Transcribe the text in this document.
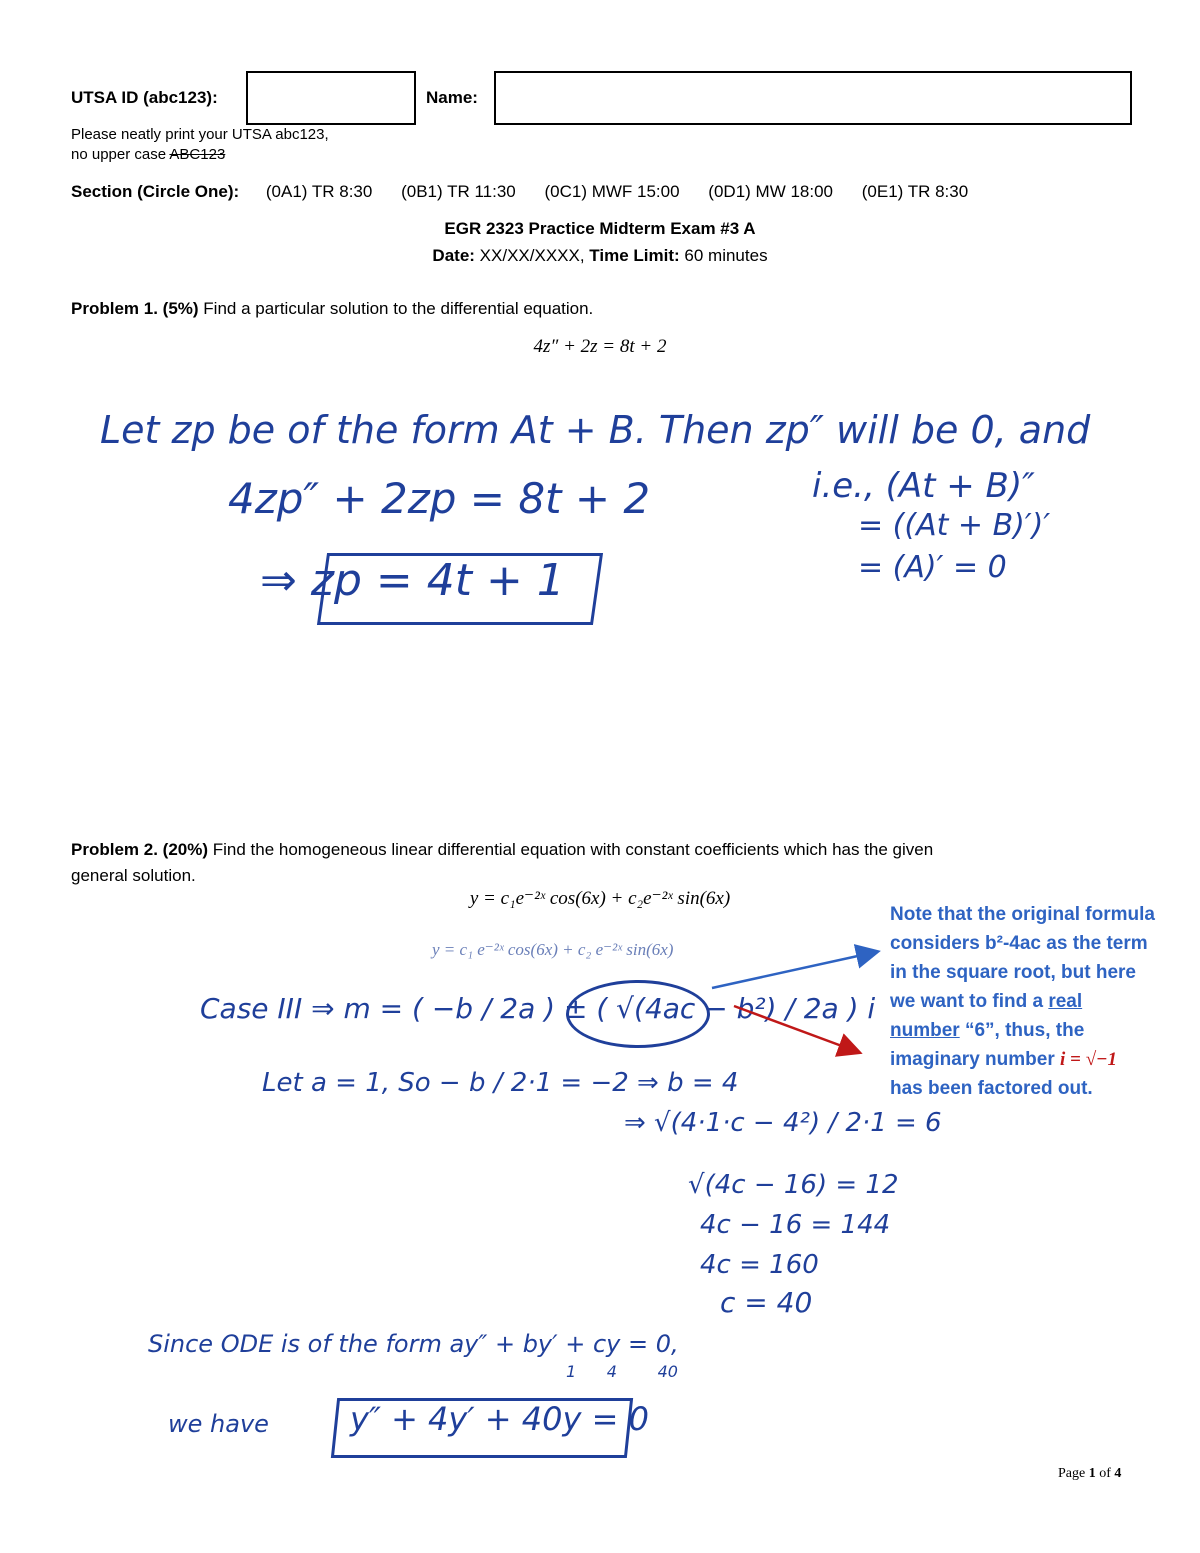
UTSA ID (abc123):	Name:
Please neatly print your UTSA abc123,
no upper case ABC123
Section (Circle One): (0A1) TR 8:30 (0B1) TR 11:30 (0C1) MWF 15:00 (0D1) MW 18:00 (0E1) TR 8:30
EGR 2323 Practice Midterm Exam #3 A
Date: XX/XX/XXXX, Time Limit: 60 minutes
Problem 1. (5%) Find a particular solution to the differential equation.
4z″ + 2z = 8t + 2
Let zp be of the form At + B. Then zp″ will be 0, and
4zp″ + 2zp = 8t + 2
⇒ zp = 4t + 1
i.e., (At + B)″
= ((At + B)′)′
= (A)′ = 0
Problem 2. (20%) Find the homogeneous linear differential equation with constant coefficients which has the given
general solution.
y = c₁e⁻²ˣ cos(6x) + c₂e⁻²ˣ sin(6x)
y = c₁ e⁻²ˣ cos(6x) + c₂ e⁻²ˣ sin(6x)
Case III ⇒ m = ( −b / 2a ) ± ( √(4ac − b²) / 2a ) i
Let a = 1, So − b / 2·1 = −2 ⇒ b = 4
⇒ √(4·1·c − 4²) / 2·1 = 6
√(4c − 16) = 12
4c − 16 = 144
4c = 160
c = 40
Since ODE is of the form ay″ + by′ + cy = 0,
1      4        40
we have	y″ + 4y′ + 40y = 0
Note that the original formula
considers b²-4ac as the term
in the square root, but here
we want to find a real
number “6”, thus, the
imaginary number i = √−1
has been factored out.
Page 1 of 4
